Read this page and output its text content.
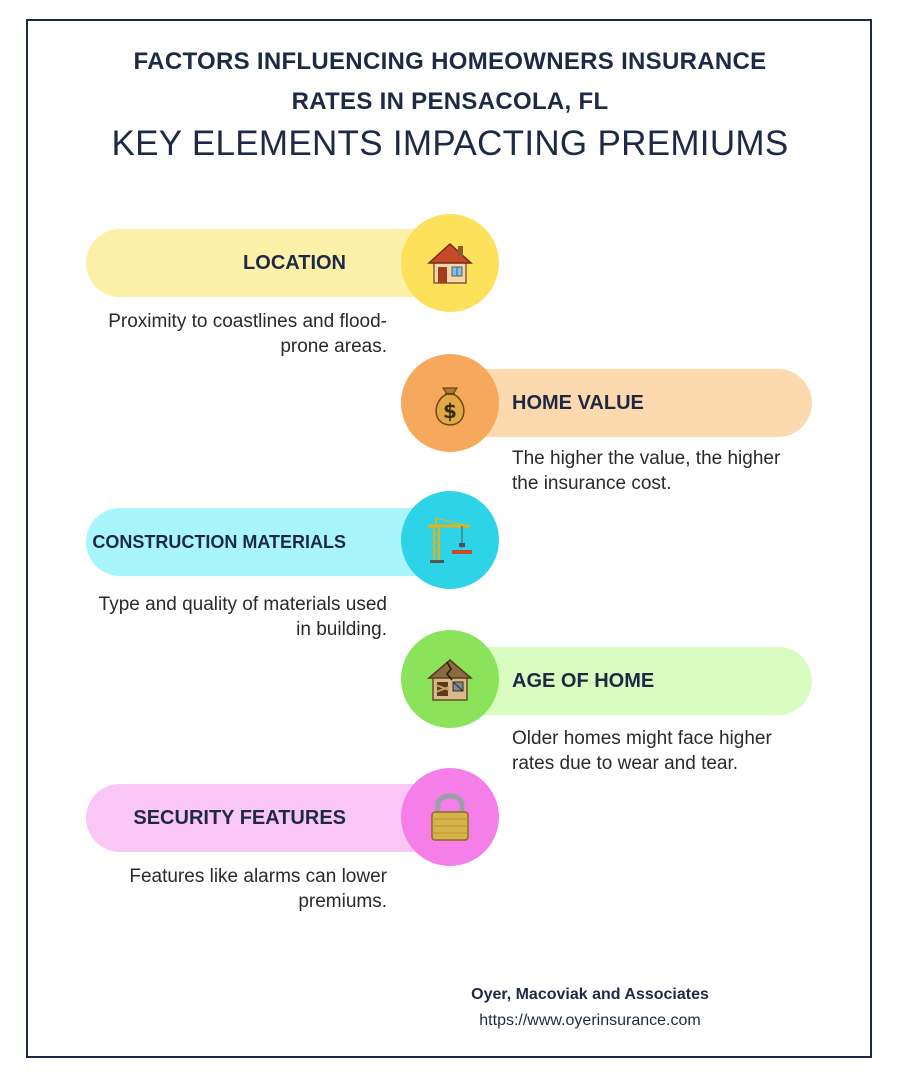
FACTORS INFLUENCING HOMEOWNERS INSURANCE
RATES IN PENSACOLA, FL
KEY ELEMENTS IMPACTING PREMIUMS
LOCATION

Proximity to coastlines and flood-prone areas.

HOME VALUE
$

The higher the value, the higher the insurance cost.

CONSTRUCTION MATERIALS

Type and quality of materials used in building.

AGE OF HOME

Older homes might face higher rates due to wear and tear.

SECURITY FEATURES

Features like alarms can lower premiums.

Oyer, Macoviak and Associates

https://www.oyerinsurance.com
